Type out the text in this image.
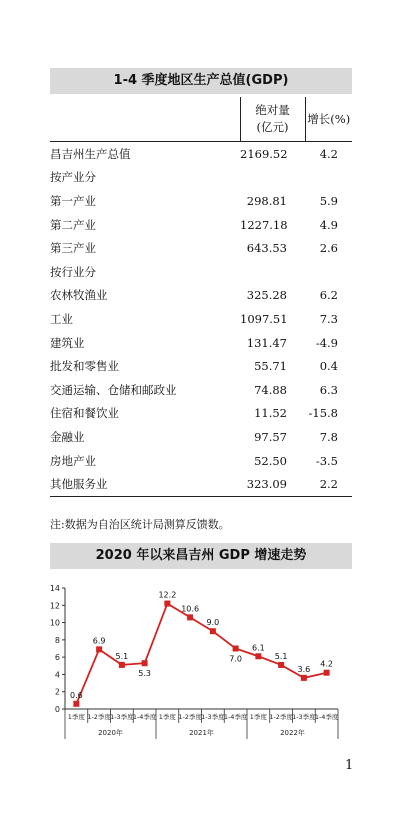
1-4 季度地区生产总值(GDP)

	绝对量
(亿元)	增长(%)
昌吉州生产总值	2169.52	4.2
按产业分		
第一产业	298.81	5.9
第二产业	1227.18	4.9
第三产业	643.53	2.6
按行业分		
农林牧渔业	325.28	6.2
工业	1097.51	7.3
建筑业	131.47	-4.9
批发和零售业	55.71	0.4
交通运输、仓储和邮政业	74.88	6.3
住宿和餐饮业	11.52	-15.8
金融业	97.57	7.8
房地产业	52.50	-3.5
其他服务业	323.09	2.2
注:数据为自治区统计局测算反馈数。
2020 年以来昌吉州 GDP 增速走势
0
2
4
6
8
10
12
14
1季度 1-2季度 1-3季度 1-4季度 1季度 1-2季度 1-3季度 1-4季度 1季度 1-2季度 1-3季度 1-4季度
2020年	2021年	2022年
0.6
6.9
5.1
5.3
12.2
10.6
9.0
7.0
6.1
5.1
3.6
4.2
1
